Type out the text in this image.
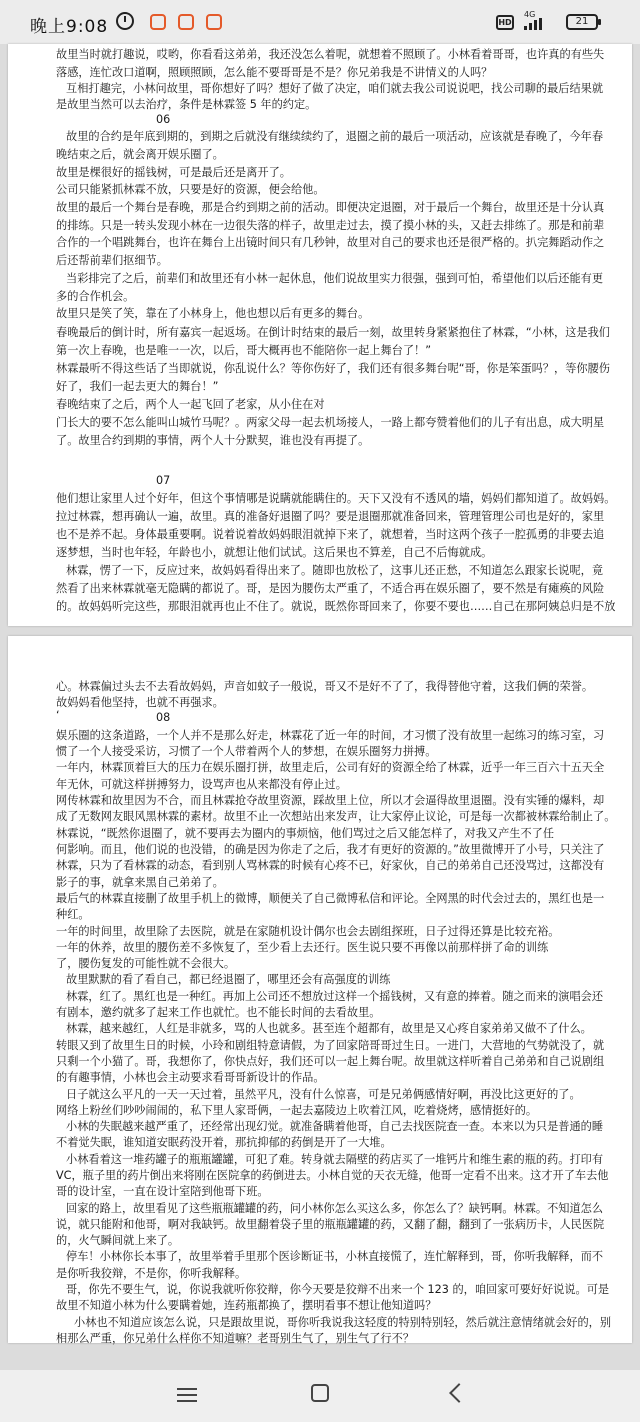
晚上9:08	HD
4G
21
故里当时就打趣说，哎哟，你看看这弟弟，我还没怎么着呢，就想着不照顾了。小林看着哥哥，也许真的有些失
落感，连忙改口道啊，照顾照顾，怎么能不要哥哥是不是？你兄弟我是不讲情义的人吗？
互相打趣完，小林问故里，哥你想好了吗？想好了做了决定，咱们就去我公司说说吧，找公司聊的最后结果就
是故里当然可以去治疗，条件是林霖签 5 年的约定。
06
故里的合约是年底到期的，到期之后就没有继续续约了，退圈之前的最后一项活动，应该就是春晚了，今年春
晚结束之后，就会离开娱乐圈了。
故里是棵很好的摇钱树，可是最后还是离开了。
公司只能紧抓林霖不放，只要是好的资源，便会给他。
故里的最后一个舞台是春晚，那是合约到期之前的活动。即便决定退圈，对于最后一个舞台，故里还是十分认真
的排练。只是一转头发现小林在一边很失落的样子，故里走过去，摸了摸小林的头，又赶去排练了。那是和前辈
合作的一个唱跳舞台，也许在舞台上出镜时间只有几秒钟，故里对自己的要求也还是很严格的。扒完舞蹈动作之
后还帮前辈们抠细节。
当彩排完了之后，前辈们和故里还有小林一起休息，他们说故里实力很强，强到可怕，希望他们以后还能有更
多的合作机会。
故里只是笑了笑，靠在了小林身上，他也想以后有更多的舞台。
春晚最后的倒计时，所有嘉宾一起返场。在倒计时结束的最后一刻，故里转身紧紧抱住了林霖，“小林，这是我们
第一次上春晚，也是唯一一次，以后，哥大概再也不能陪你一起上舞台了！”
林霖最听不得这些话了当即就说，你乱说什么？等你伤好了，我们还有很多舞台呢“哥，你是笨蛋吗？，等你腰伤
好了，我们一起去更大的舞台！”
春晚结束了之后，两个人一起飞回了老家，从小住在对
门长大的要不怎么能叫山城竹马呢？。两家父母一起去机场接人，一路上都夸赞着他们的儿子有出息，成大明星
了。故里合约到期的事情，两个人十分默契，谁也没有再提了。
07
他们想让家里人过个好年，但这个事情哪是说瞒就能瞒住的。天下又没有不透风的墙，妈妈们都知道了。故妈妈。
拉过林霖，想再确认一遍，故里。真的准备好退圈了吗？要是退圈那就准备回来，管理管理公司也是好的，家里
也不是养不起。身体最重要啊。说着说着故妈妈眼泪就掉下来了，就想着，当时这两个孩子一腔孤勇的非要去追
逐梦想，当时也年轻，年龄也小，就想让他们试试。这后果也不算差，自己不后悔就成。
林霖，愣了一下，反应过来，故妈妈看得出来了。随即也放松了，这事儿还正愁，不知道怎么跟家长说呢，竟
然看了出来林霖就毫无隐瞒的都说了。哥，是因为腰伤太严重了，不适合再在娱乐圈了，要不然是有瘫痪的风险
的。故妈妈听完这些，那眼泪就再也止不住了。就说，既然你哥回来了，你要不要也……自己在那阿姨总归是不放
心。林霖偏过头去不去看故妈妈，声音如蚊子一般说，哥又不是好不了了，我得替他守着，这我们俩的荣誉。
故妈妈看他坚持，也就不再强求。
‘	08
娱乐圈的这条道路，一个人并不是那么好走，林霖花了近一年的时间，才习惯了没有故里一起练习的练习室，习
惯了一个人接受采访，习惯了一个人带着两个人的梦想，在娱乐圈努力拼搏。
一年内，林霖顶着巨大的压力在娱乐圈打拼，故里走后，公司有好的资源全给了林霖，近乎一年三百六十五天全
年无休，可就这样拼搏努力，设骂声也从来都没有停止过。
网传林霖和故里因为不合，而且林霖抢夺故里资源，踩故里上位，所以才会逼得故里退圈。没有实锤的爆料，却
成了无数网友眼风黑林霖的素材。故里不止一次想站出来发声，让大家停止议论，可是每一次都被林霖给制止了。
林霖说，“既然你退圈了，就不要再去为圈内的事烦恼，他们骂过之后又能怎样了，对我又产生不了任
何影响。而且，他们说的也没错，的确是因为你走了之后，我才有更好的资源的。”故里微博开了小号，只关注了
林霖，只为了看林霖的动态，看到别人骂林霖的时候有心疼不已，好家伙，自己的弟弟自己还没骂过，这都没有
影子的事，就拿来黑自己弟弟了。
最后气的林霖直接删了故里手机上的微博，顺便关了自己微博私信和评论。全网黑的时代会过去的，黑红也是一
种红。
一年的时间里，故里除了去医院，就是在家随机设计偶尔也会去剧组探班，日子过得还算是比较充裕。
一年的休养，故里的腰伤差不多恢复了，至少看上去还行。医生说只要不再像以前那样拼了命的训练
了，腰伤复发的可能性就不会很大。
故里默默的看了看自己，都已经退圈了，哪里还会有高强度的训练
林霖，红了。黑红也是一种红。再加上公司还不想放过这样一个摇钱树，又有意的捧着。随之而来的演唱会还
有剧本，邀约就多了起来工作也就忙。也不能长时间的去看故里。
林霖，越来越红，人红是非就多，骂的人也就多。甚至连个超都有，故里是又心疼自家弟弟又做不了什么。
转眼又到了故里生日的时候，小玲和剧组特意请假，为了回家陪哥哥过生日。一进门，大营地的气势就没了，就
只剩一个小猫了。哥，我想你了，你快点好，我们还可以一起上舞台呢。故里就这样听着自己弟弟和自己说剧组
的有趣事情，小林也会主动要求看哥哥新设计的作品。
日子就这么平凡的一天一天过着，虽然平凡，没有什么惊喜，可是兄弟俩感情好啊，再没比这更好的了。
网络上粉丝们吵吵闹闹的，私下里人家哥俩，一起去嘉陵边上吹着江风，吃着烧烤，感情挺好的。
小林的失眠越来越严重了，还经常出现幻觉。就准备瞒着他哥，自己去找医院查一查。本来以为只是普通的睡
不着觉失眠，谁知道安眠药没开着，那抗抑郁的药倒是开了一大堆。
小林看着这一堆药罐子的瓶瓶罐罐，可犯了难。转身就去隔壁的药店买了一堆钙片和维生素的瓶的药。打印有
VC，瓶子里的药片倒出来将刚在医院拿的药倒进去。小林自觉的天衣无缝，他哥一定看不出来。这才开了车去他
哥的设计室，一直在设计室陪到他哥下班。
回家的路上，故里看见了这些瓶瓶罐罐的药，问小林你怎么买这么多，你怎么了？缺钙啊。林霖。不知道怎么
说，就只能附和他哥，啊对我缺钙。故里翻着袋子里的瓶瓶罐罐的药，又翻了翻，翻到了一张病历卡，人民医院
的，火气瞬间就上来了。
停车！小林你长本事了，故里举着手里那个医诊断证书，小林直接慌了，连忙解释到，哥，你听我解释，而不
是你听我狡辩，不是你，你听我解释。
哥，你先不要生气，说，你说我就听你狡辩，你今天要是狡辩不出来一个 123 的，咱回家可要好好说说。可是
故里不知道小林为什么要瞒着她，连药瓶都换了，摆明看事不想让他知道吗？
小林也不知道应该怎么说，只是跟故里说，哥你听我说我这轻度的特别特别轻，然后就注意情绪就会好的，别
相那么严重，你兄弟什么样你不知道嘛？老哥别生气了，别生气了行不？
